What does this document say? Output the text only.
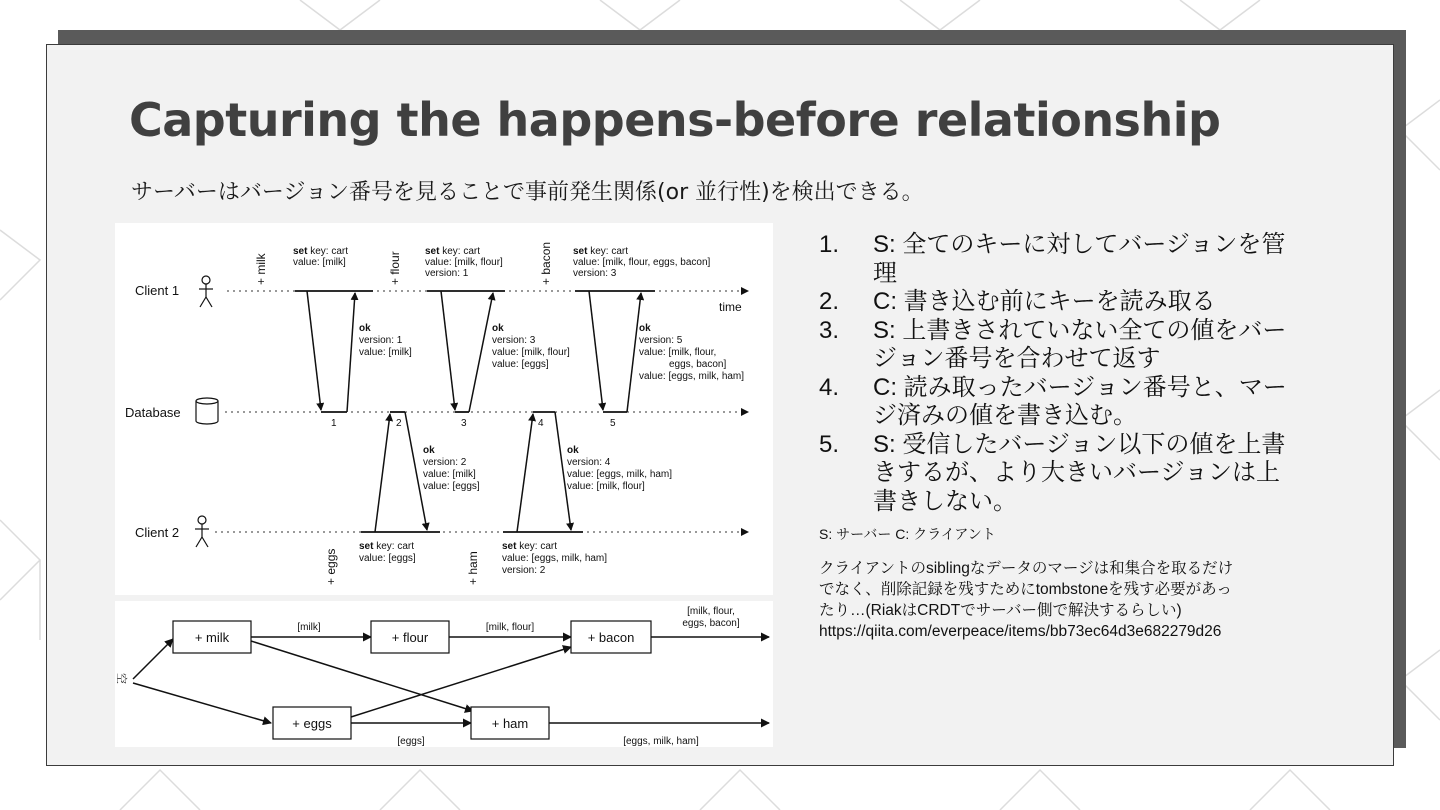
Capturing the happens-before relationship
サーバーはバージョン番号を見ることで事前発生関係(or 並行性)を検出できる。
time
Client 1
Database
Client 2
+ milk	+ flour	+ bacon
+ eggs	+ ham
1	2	3	4	5
set key: cart value: [milk]
set key: cart value: [milk, flour] version: 1
set key: cart value: [milk, flour, eggs, bacon] version: 3
ok version: 1 value: [milk]
ok version: 3 value: [milk, flour] value: [eggs]
ok version: 5 value: [milk, flour, eggs, bacon] value: [eggs, milk, ham]
ok version: 2 value: [milk] value: [eggs]
ok version: 4 value: [eggs, milk, ham] value: [milk, flour]
set key: cart value: [eggs]
set key: cart value: [eggs, milk, ham] version: 2
空
+ milk	+ flour	+ bacon
+ eggs	+ ham
[milk]	[milk, flour]
[milk, flour,
eggs, bacon]
[eggs]	[eggs, milk, ham]
1.	S: 全てのキーに対してバージョンを管理
2.	C: 書き込む前にキーを読み取る
3.	S: 上書きされていない全ての値をバージョン番号を合わせて返す
4.	C: 読み取ったバージョン番号と、マージ済みの値を書き込む。
5.	S: 受信したバージョン以下の値を上書きするが、より大きいバージョンは上書きしない。
S: サーバー C: クライアント
クライアントのsiblingなデータのマージは和集合を取るだけ
でなく、削除記録を残すためにtombstoneを残す必要があっ
たり…(RiakはCRDTでサーバー側で解決するらしい)
https://qiita.com/everpeace/items/bb73ec64d3e682279d26
